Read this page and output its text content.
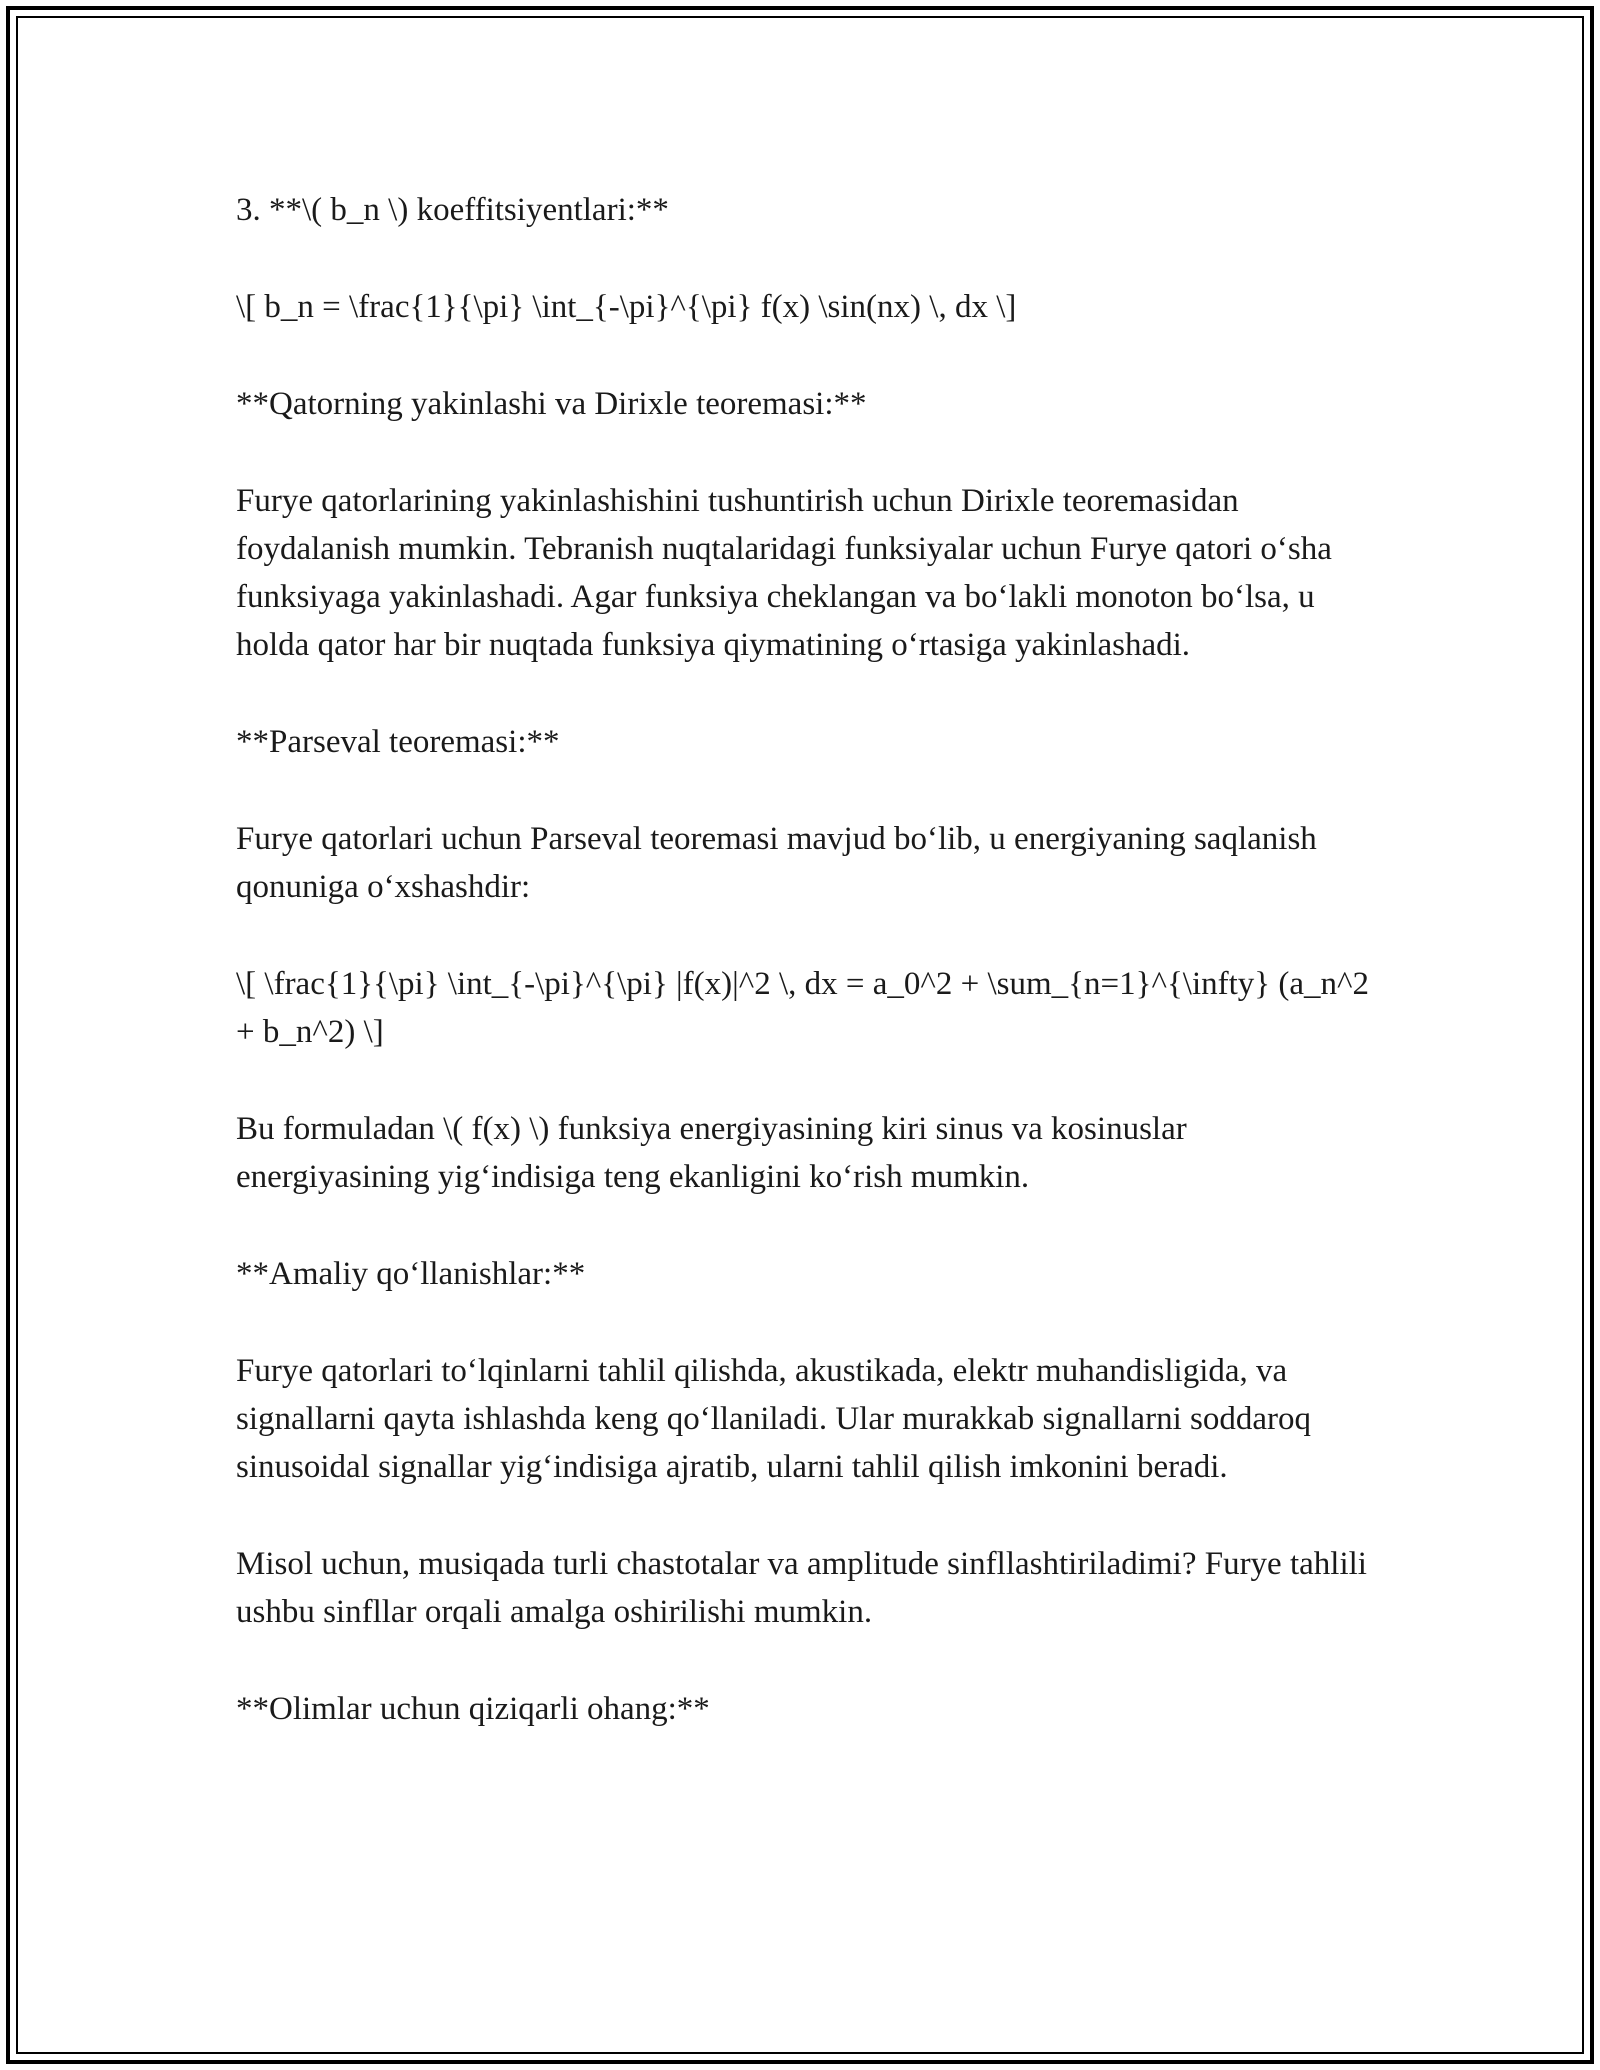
3. **\( b_n \) koeffitsiyentlari:**

\[ b_n = \frac{1}{\pi} \int_{-\pi}^{\pi} f(x) \sin(nx) \, dx \]

**Qatorning yakinlashi va Dirixle teoremasi:**

Furye qatorlarining yakinlashishini tushuntirish uchun Dirixle teoremasidan foydalanish mumkin. Tebranish nuqtalaridagi funksiyalar uchun Furye qatori o‘sha funksiyaga yakinlashadi. Agar funksiya cheklangan va bo‘lakli monoton bo‘lsa, u holda qator har bir nuqtada funksiya qiymatining o‘rtasiga yakinlashadi.

**Parseval teoremasi:**

Furye qatorlari uchun Parseval teoremasi mavjud bo‘lib, u energiyaning saqlanish qonuniga o‘xshashdir:

\[ \frac{1}{\pi} \int_{-\pi}^{\pi} |f(x)|^2 \, dx = a_0^2 + \sum_{n=1}^{\infty} (a_n^2 + b_n^2) \]

Bu formuladan \( f(x) \) funksiya energiyasining kiri sinus va kosinuslar energiyasining yig‘indisiga teng ekanligini ko‘rish mumkin.

**Amaliy qo‘llanishlar:**

Furye qatorlari to‘lqinlarni tahlil qilishda, akustikada, elektr muhandisligida, va signallarni qayta ishlashda keng qo‘llaniladi. Ular murakkab signallarni soddaroq sinusoidal signallar yig‘indisiga ajratib, ularni tahlil qilish imkonini beradi.

Misol uchun, musiqada turli chastotalar va amplitude sinfllashtiriladimi? Furye tahlili ushbu sinfllar orqali amalga oshirilishi mumkin.

**Olimlar uchun qiziqarli ohang:**
